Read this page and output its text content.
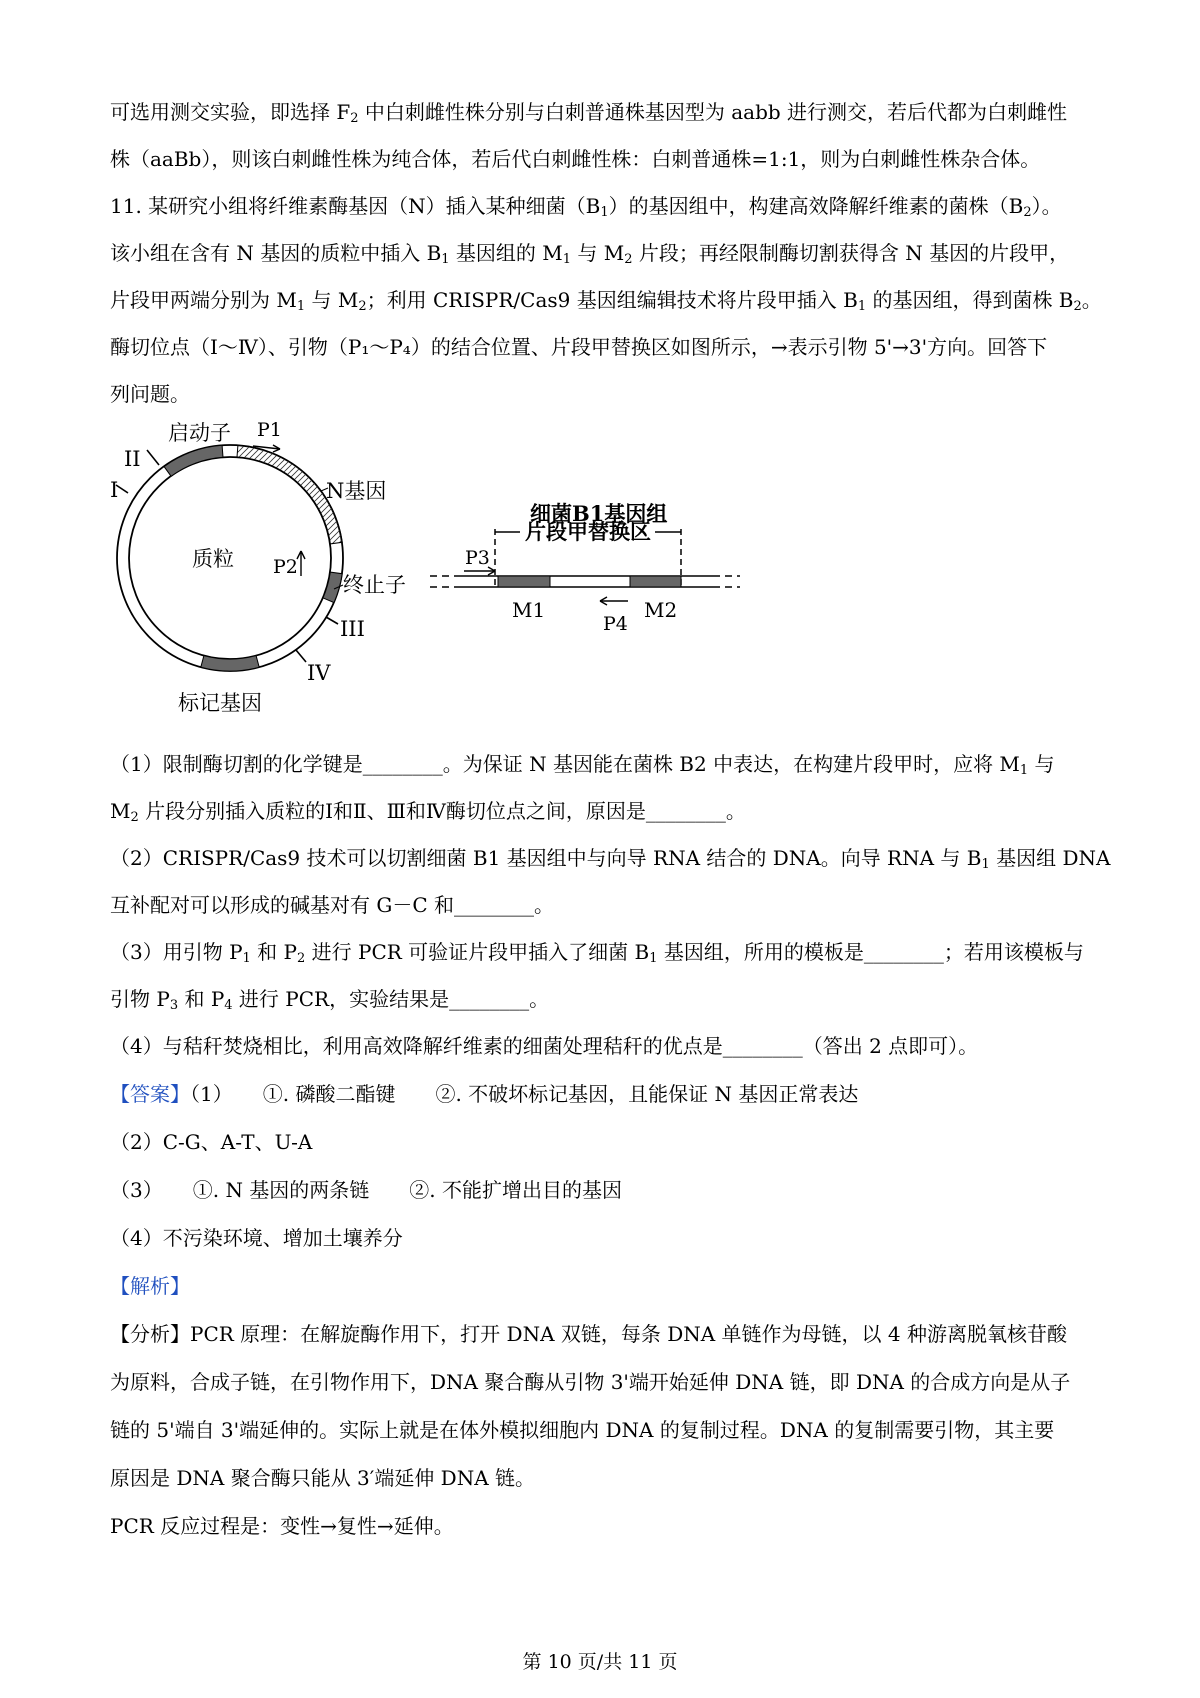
可选用测交实验，即选择 $F_2$ 中白刺雌性株分别与白刺普通株基因型为 aabb 进行测交，若后代都为白刺雌性
株（aaBb），则该白刺雌性株为纯合体，若后代白刺雌性株：白刺普通株=1:1，则为白刺雌性株杂合体。
11. 某研究小组将纤维素酶基因（N）插入某种细菌$(B_1)$的基因组中，构建高效降解纤维素的菌株$(B_2)$。
该小组在含有 N 基因的质粒中插入 $B_1$ 基因组的 $M_1$ 与 $M_2$ 片段；再经限制酶切割获得含 N 基因的片段甲，
片段甲两端分别为 $M_1$ 与 $M_2$；利用 CRISPR/Cas9 基因组编辑技术将片段甲插入 $B_1$ 的基因组，得到菌株 $B_2$。
酶切位点（Ⅰ～Ⅳ）、引物（P₁～P₄）的结合位置、片段甲替换区如图所示，→表示引物 5'→3'方向。回答下
列问题。
启动子
I
II
P1
N基因
质粒 P2
终止子
III
IV
标记基因
细菌B1基因组
片段甲替换区
P3
M1	M2
P4
（1）限制酶切割的化学键是________。为保证 N 基因能在菌株 B2 中表达，在构建片段甲时，应将 $M_1$ 与
$M_2$ 片段分别插入质粒的Ⅰ和Ⅱ、Ⅲ和Ⅳ酶切位点之间，原因是________。
（2）CRISPR/Cas9 技术可以切割细菌 B1 基因组中与向导 RNA 结合的 DNA。向导 RNA 与 $B_1$ 基因组 DNA
互补配对可以形成的碱基对有 G－C 和________。
（3）用引物 $P_1$ 和 $P_2$ 进行 PCR 可验证片段甲插入了细菌 $B_1$ 基因组，所用的模板是________；若用该模板与
引物 $P_3$ 和 $P_4$ 进行 PCR，实验结果是________。
（4）与秸秆焚烧相比，利用高效降解纤维素的细菌处理秸秆的优点是________（答出 2 点即可）。
【答案】（1）　　①. 磷酸二酯键　　②. 不破坏标记基因，且能保证 N 基因正常表达
（2）C-G、A-T、U-A
（3）　　①. N 基因的两条链　　②. 不能扩增出目的基因
（4）不污染环境、增加土壤养分
【解析】
【分析】PCR 原理：在解旋酶作用下，打开 DNA 双链，每条 DNA 单链作为母链，以 4 种游离脱氧核苷酸
为原料，合成子链，在引物作用下，DNA 聚合酶从引物 3'端开始延伸 DNA 链，即 DNA 的合成方向是从子
链的 5'端自 3'端延伸的。实际上就是在体外模拟细胞内 DNA 的复制过程。DNA 的复制需要引物，其主要
原因是 DNA 聚合酶只能从 3′端延伸 DNA 链。
PCR 反应过程是：变性→复性→延伸。
第 10 页/共 11 页
